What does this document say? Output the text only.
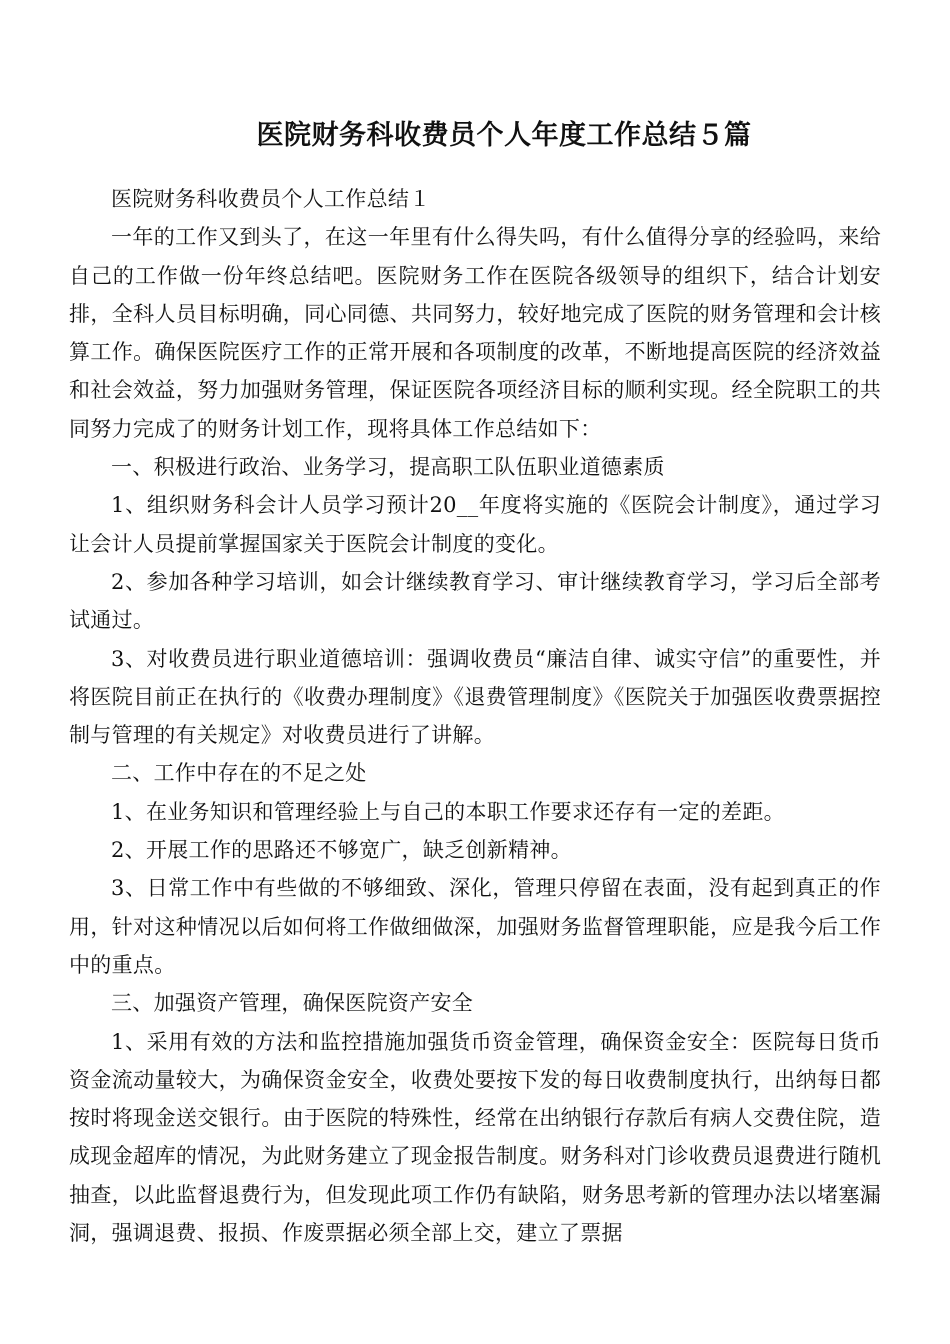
医院财务科收费员个人年度工作总结５篇

医院财务科收费员个人工作总结１

一年的工作又到头了，在这一年里有什么得失吗，有什么值得分享的经验吗，来给自己的工作做一份年终总结吧。医院财务工作在医院各级领导的组织下，结合计划安排，全科人员目标明确，同心同德、共同努力，较好地完成了医院的财务管理和会计核算工作。确保医院医疗工作的正常开展和各项制度的改革，不断地提高医院的经济效益和社会效益，努力加强财务管理，保证医院各项经济目标的顺利实现。经全院职工的共同努力完成了的财务计划工作，现将具体工作总结如下：

一、积极进行政治、业务学习，提高职工队伍职业道德素质

1、组织财务科会计人员学习预计20__年度将实施的《医院会计制度》，通过学习让会计人员提前掌握国家关于医院会计制度的变化。

2、参加各种学习培训，如会计继续教育学习、审计继续教育学习，学习后全部考试通过。

3、对收费员进行职业道德培训：强调收费员“廉洁自律、诚实守信”的重要性，并将医院目前正在执行的《收费办理制度》《退费管理制度》《医院关于加强医收费票据控制与管理的有关规定》对收费员进行了讲解。

二、工作中存在的不足之处

1、在业务知识和管理经验上与自己的本职工作要求还存有一定的差距。

2、开展工作的思路还不够宽广，缺乏创新精神。

3、日常工作中有些做的不够细致、深化，管理只停留在表面，没有起到真正的作用，针对这种情况以后如何将工作做细做深，加强财务监督管理职能，应是我今后工作中的重点。

三、加强资产管理，确保医院资产安全

1、采用有效的方法和监控措施加强货币资金管理，确保资金安全：医院每日货币资金流动量较大，为确保资金安全，收费处要按下发的每日收费制度执行，出纳每日都按时将现金送交银行。由于医院的特殊性，经常在出纳银行存款后有病人交费住院，造成现金超库的情况，为此财务建立了现金报告制度。财务科对门诊收费员退费进行随机抽查，以此监督退费行为，但发现此项工作仍有缺陷，财务思考新的管理办法以堵塞漏洞，强调退费、报损、作废票据必须全部上交，建立了票据
